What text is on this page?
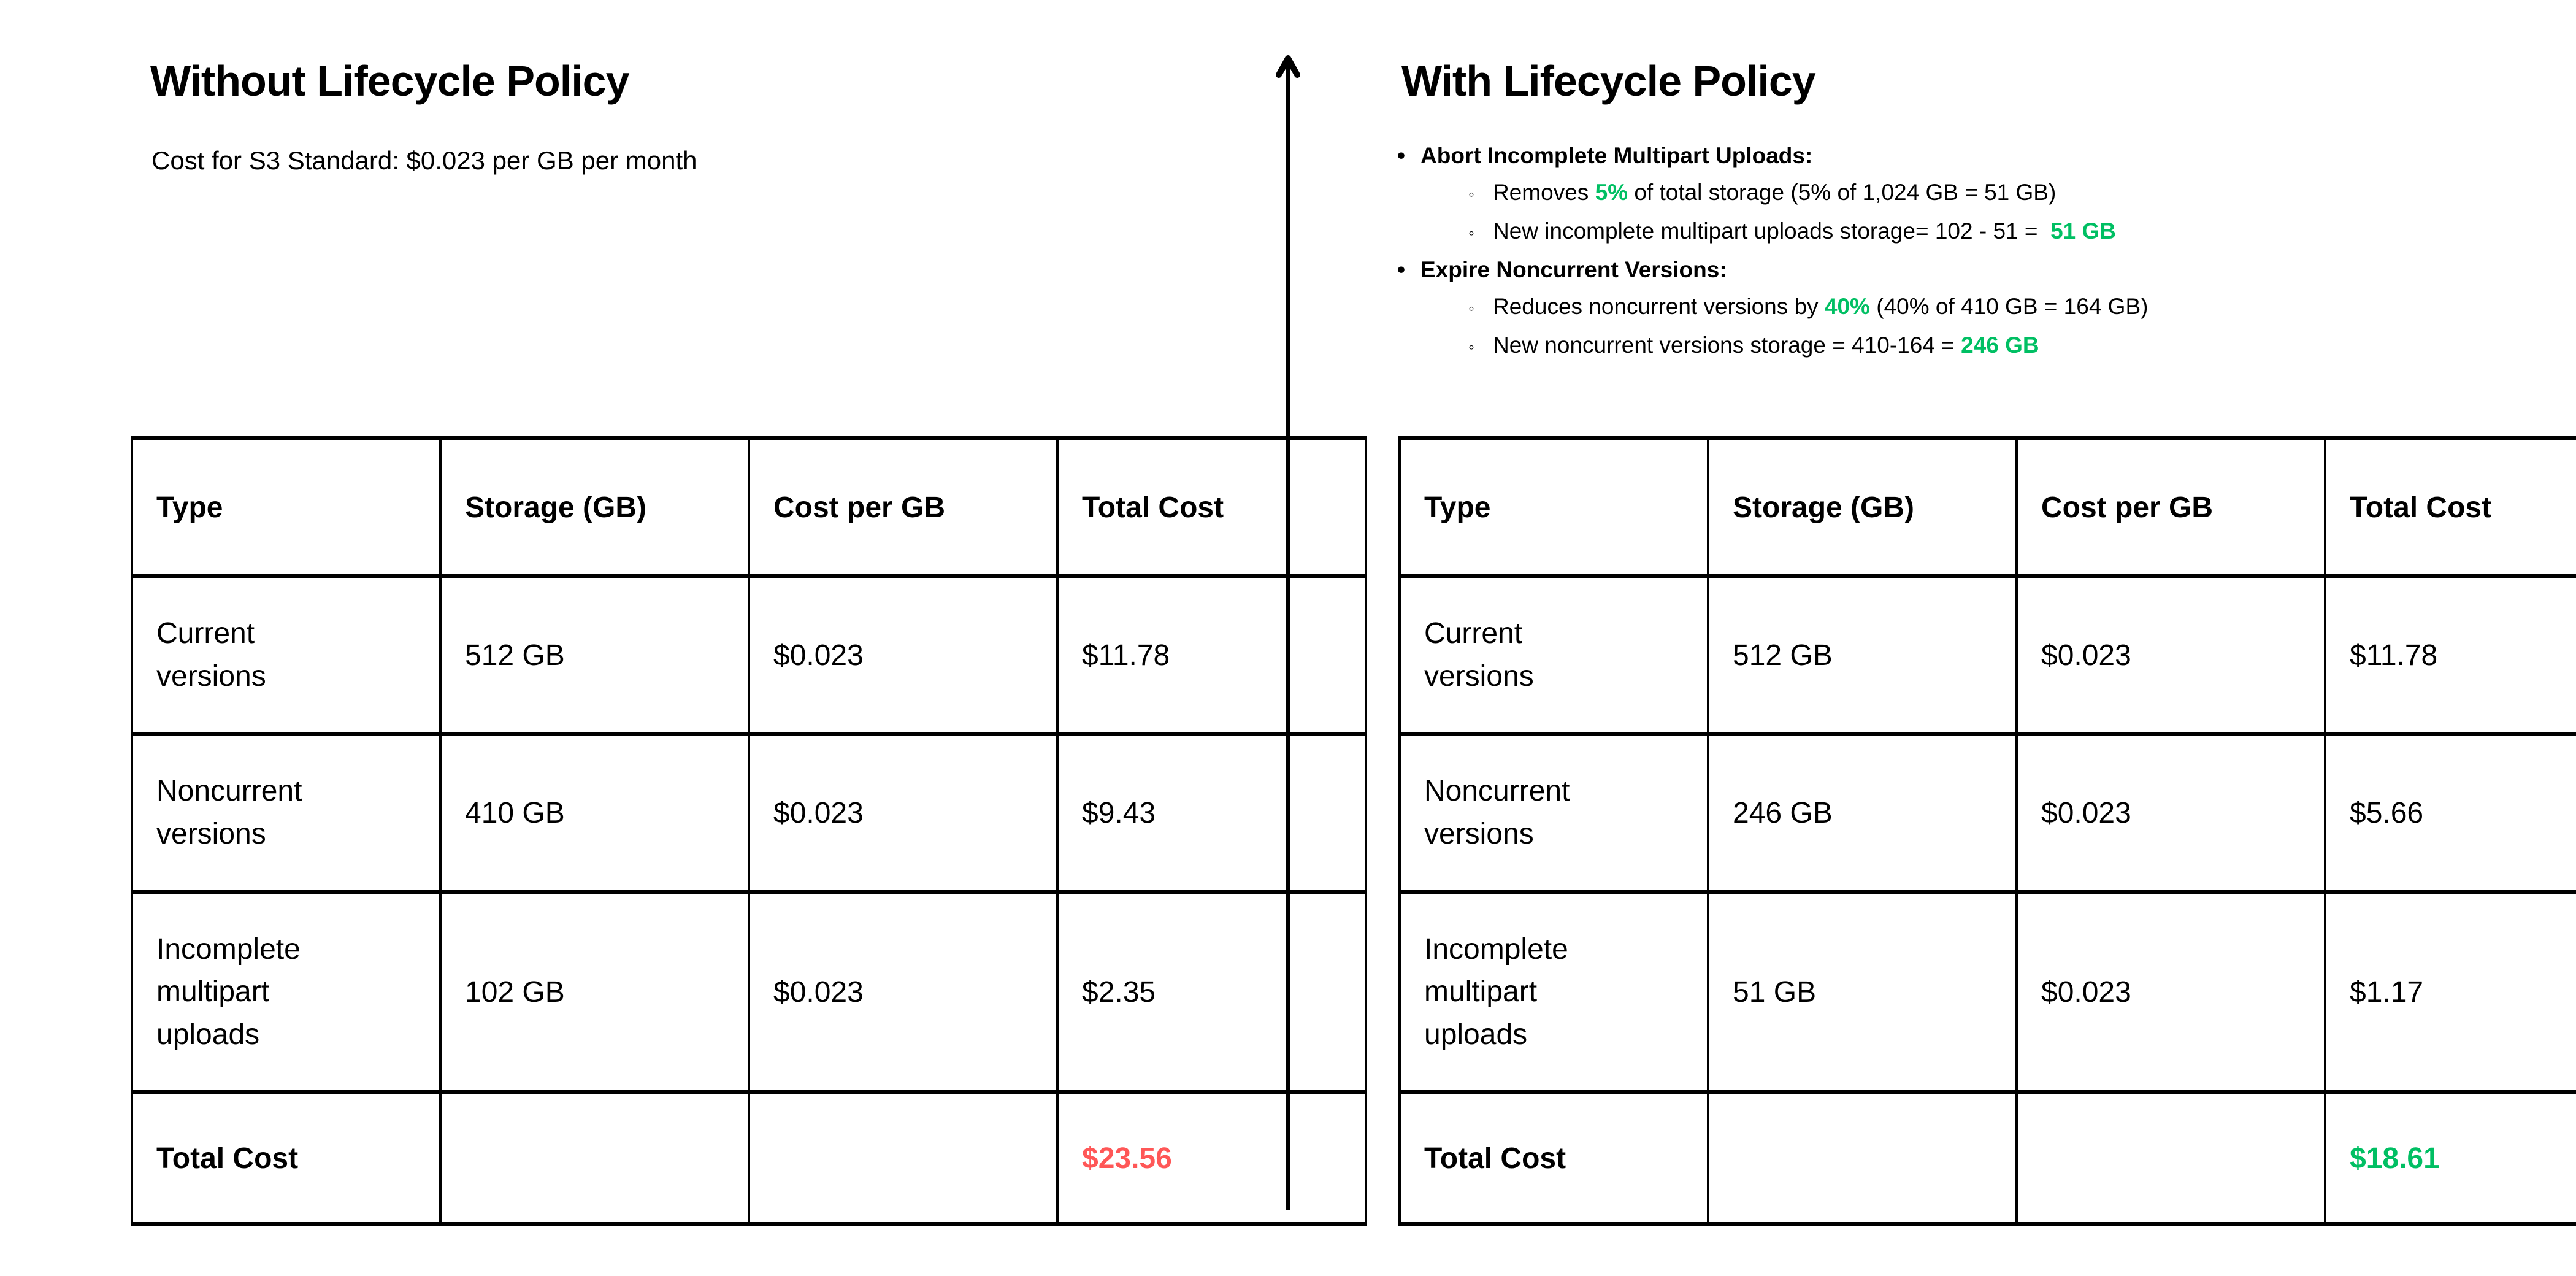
Without Lifecycle Policy

Cost for S3 Standard: $0.023 per GB per month

Type	Storage (GB)	Cost per GB	Total Cost
Current versions	512 GB	$0.023	$11.78
Noncurrent versions	410 GB	$0.023	$9.43
Incomplete multipart uploads	102 GB	$0.023	$2.35
Total Cost			$23.56
With Lifecycle Policy
• Abort Incomplete Multipart Uploads:
◦ Removes 5% of total storage (5% of 1,024 GB = 51 GB)
◦ New incomplete multipart uploads storage= 102 - 51 =  51 GB
• Expire Noncurrent Versions:
◦ Reduces noncurrent versions by 40% (40% of 410 GB = 164 GB)
◦ New noncurrent versions storage = 410-164 = 246 GB
Type	Storage (GB)	Cost per GB	Total Cost
Current versions	512 GB	$0.023	$11.78
Noncurrent versions	246 GB	$0.023	$5.66
Incomplete multipart uploads	51 GB	$0.023	$1.17
Total Cost			$18.61
